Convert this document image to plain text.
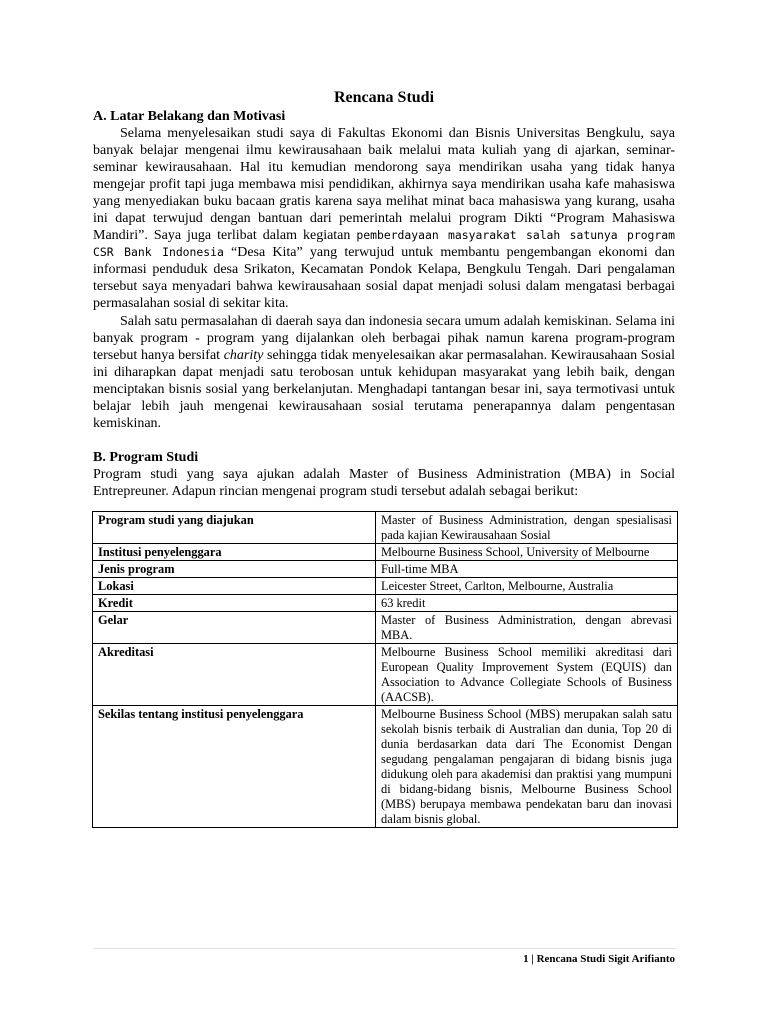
Rencana Studi

A. Latar Belakang dan Motivasi

Selama menyelesaikan studi saya di Fakultas Ekonomi dan Bisnis Universitas Bengkulu, saya banyak belajar mengenai ilmu kewirausahaan baik melalui mata kuliah yang di ajarkan, seminar-seminar kewirausahaan. Hal itu kemudian mendorong saya mendirikan usaha yang tidak hanya mengejar profit tapi juga membawa misi pendidikan, akhirnya saya mendirikan usaha kafe mahasiswa yang menyediakan buku bacaan gratis karena saya melihat minat baca mahasiswa yang kurang, usaha ini dapat terwujud dengan bantuan dari pemerintah melalui program Dikti “Program Mahasiswa Mandiri”. Saya juga terlibat dalam kegiatan pemberdayaan masyarakat salah satunya program CSR Bank Indonesia “Desa Kita” yang terwujud untuk membantu pengembangan ekonomi dan informasi penduduk desa Srikaton, Kecamatan Pondok Kelapa, Bengkulu Tengah. Dari pengalaman tersebut saya menyadari bahwa kewirausahaan sosial dapat menjadi solusi dalam mengatasi berbagai permasalahan sosial di sekitar kita.

Salah satu permasalahan di daerah saya dan indonesia secara umum adalah kemiskinan. Selama ini banyak program - program yang dijalankan oleh berbagai pihak namun karena program-program tersebut hanya bersifat charity sehingga tidak menyelesaikan akar permasalahan. Kewirausahaan Sosial ini diharapkan dapat menjadi satu terobosan untuk kehidupan masyarakat yang lebih baik, dengan menciptakan bisnis sosial yang berkelanjutan. Menghadapi tantangan besar ini, saya termotivasi untuk belajar lebih jauh mengenai kewirausahaan sosial terutama penerapannya dalam pengentasan kemiskinan.

B. Program Studi

Program studi yang saya ajukan adalah Master of Business Administration (MBA) in Social Entrepreuner. Adapun rincian mengenai program studi tersebut adalah sebagai berikut:

Program studi yang diajukan	Master of Business Administration, dengan spesialisasi pada kajian Kewirausahaan Sosial
Institusi penyelenggara	Melbourne Business School, University of Melbourne
Jenis program	Full-time MBA
Lokasi	Leicester Street, Carlton, Melbourne, Australia
Kredit	63 kredit
Gelar	Master of Business Administration, dengan abrevasi MBA.
Akreditasi	Melbourne Business School memiliki akreditasi dari European Quality Improvement System (EQUIS) dan Association to Advance Collegiate Schools of Business (AACSB).
Sekilas tentang institusi penyelenggara	Melbourne Business School (MBS) merupakan salah satu sekolah bisnis terbaik di Australian dan dunia, Top 20 di dunia berdasarkan data dari The Economist Dengan segudang pengalaman pengajaran di bidang bisnis juga didukung oleh para akademisi dan praktisi yang mumpuni di bidang-bidang bisnis, Melbourne Business School (MBS) berupaya membawa pendekatan baru dan inovasi dalam bisnis global.
1 | Rencana Studi Sigit Arifianto
